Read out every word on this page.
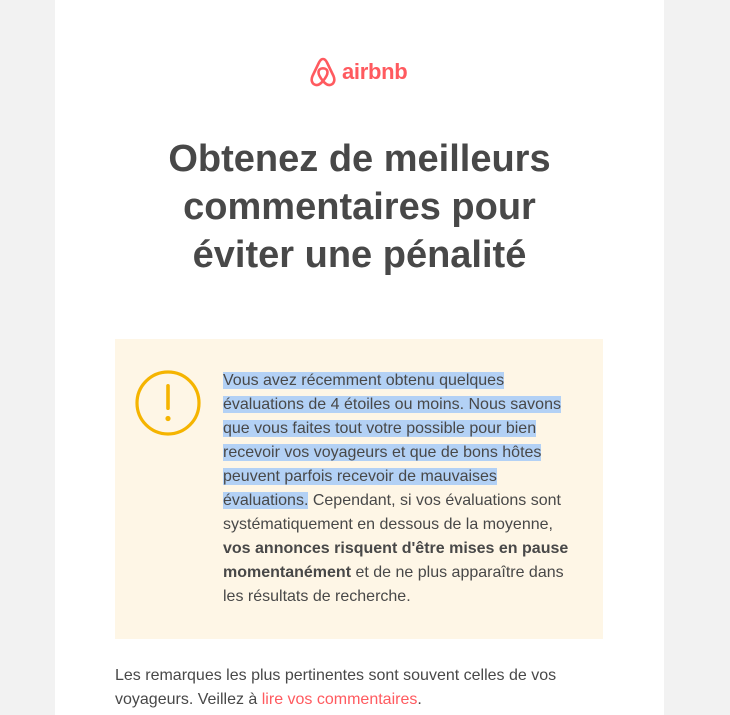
airbnb
Obtenez de meilleurs
commentaires pour
éviter une pénalité
Vous avez récemment obtenu quelques évaluations de 4 étoiles ou moins. Nous savons que vous faites tout votre possible pour bien recevoir vos voyageurs et que de bons hôtes peuvent parfois recevoir de mauvaises évaluations. Cependant, si vos évaluations sont systématiquement en dessous de la moyenne, vos annonces risquent d'être mises en pause momentanément et de ne plus apparaître dans les résultats de recherche.
Les remarques les plus pertinentes sont souvent celles de vos voyageurs. Veillez à lire vos commentaires.
